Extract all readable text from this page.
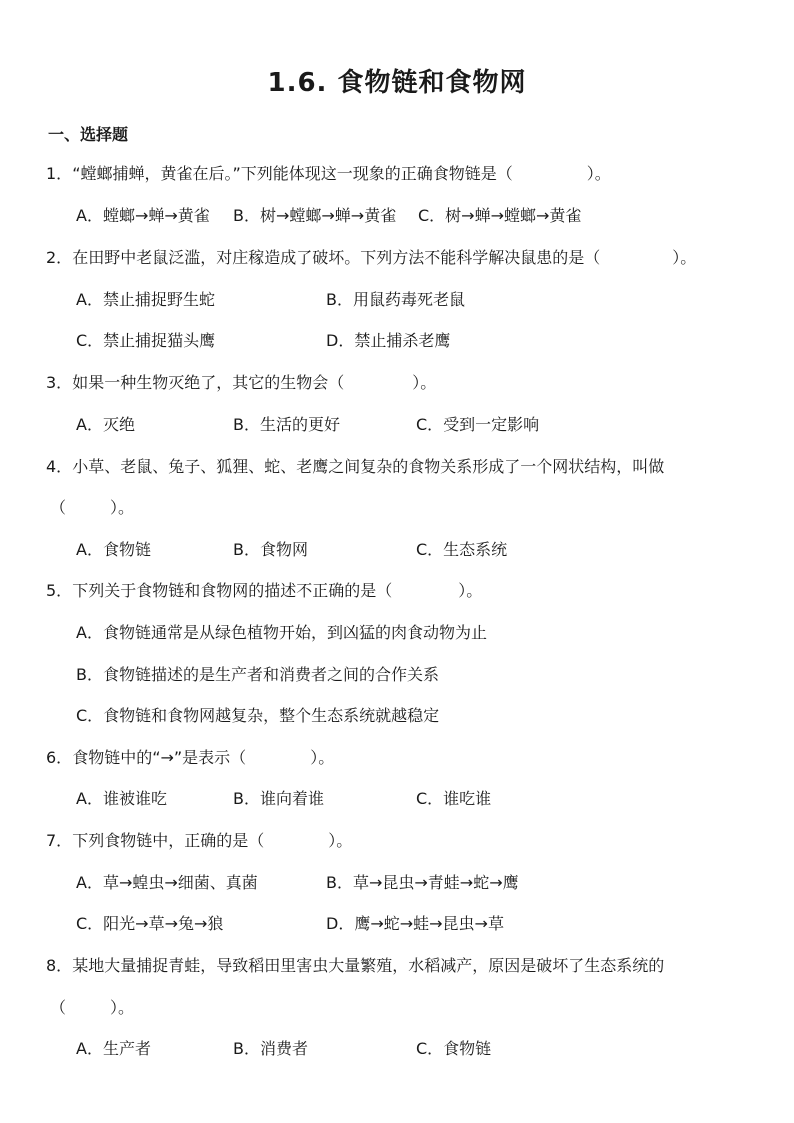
1.6. 食物链和食物网
一、选择题
1．“螳螂捕蝉，黄雀在后。”下列能体现这一现象的正确食物链是（	）。
A．螳螂→蝉→黄雀 B．树→螳螂→蝉→黄雀 C．树→蝉→螳螂→黄雀
2．在田野中老鼠泛滥，对庄稼造成了破坏。下列方法不能科学解决鼠患的是（	）。
A．禁止捕捉野生蛇	B．用鼠药毒死老鼠
C．禁止捕捉猫头鹰	D．禁止捕杀老鹰
3．如果一种生物灭绝了，其它的生物会（	）。
A．灭绝	B．生活的更好	C．受到一定影响
4．小草、老鼠、兔子、狐狸、蛇、老鹰之间复杂的食物关系形成了一个网状结构，叫做
（	）。
A．食物链	B．食物网	C．生态系统
5．下列关于食物链和食物网的描述不正确的是（	）。
A．食物链通常是从绿色植物开始，到凶猛的肉食动物为止
B．食物链描述的是生产者和消费者之间的合作关系
C．食物链和食物网越复杂，整个生态系统就越稳定
6．食物链中的“→”是表示（	）。
A．谁被谁吃	B．谁向着谁	C．谁吃谁
7．下列食物链中，正确的是（	）。
A．草→蝗虫→细菌、真菌	B．草→昆虫→青蛙→蛇→鹰
C．阳光→草→兔→狼	D．鹰→蛇→蛙→昆虫→草
8．某地大量捕捉青蛙，导致稻田里害虫大量繁殖，水稻减产，原因是破坏了生态系统的
（	）。
A．生产者	B．消费者	C．食物链
